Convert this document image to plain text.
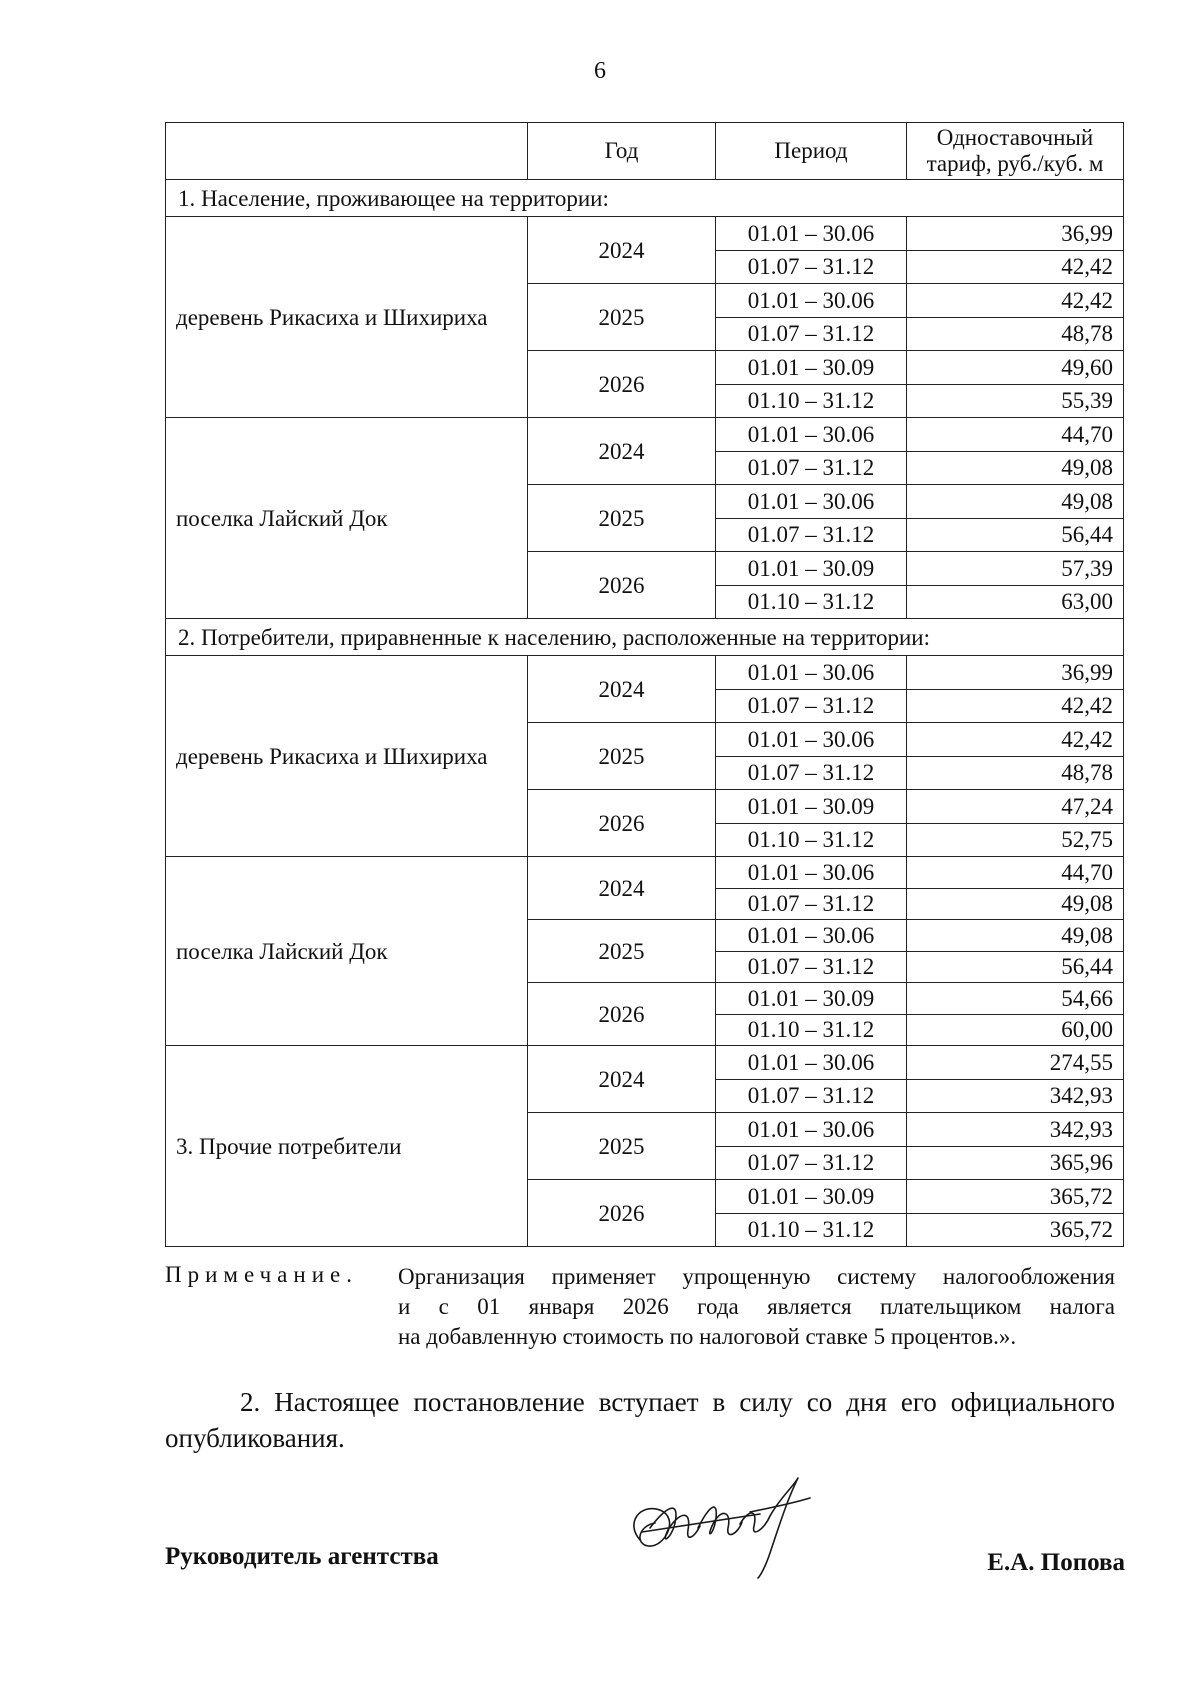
6
	Год	Период	Одноставочный тариф, руб./куб. м
1. Население, проживающее на территории:			
деревень Рикасиха и Шихириха	2024	01.01 – 30.06	36,99
		01.07 – 31.12	42,42
	2025	01.01 – 30.06	42,42
		01.07 – 31.12	48,78
	2026	01.01 – 30.09	49,60
		01.10 – 31.12	55,39
поселка Лайский Док	2024	01.01 – 30.06	44,70
		01.07 – 31.12	49,08
	2025	01.01 – 30.06	49,08
		01.07 – 31.12	56,44
	2026	01.01 – 30.09	57,39
		01.10 – 31.12	63,00
2. Потребители, приравненные к населению, расположенные на территории:			
деревень Рикасиха и Шихириха	2024	01.01 – 30.06	36,99
		01.07 – 31.12	42,42
	2025	01.01 – 30.06	42,42
		01.07 – 31.12	48,78
	2026	01.01 – 30.09	47,24
		01.10 – 31.12	52,75
поселка Лайский Док	2024	01.01 – 30.06	44,70
		01.07 – 31.12	49,08
	2025	01.01 – 30.06	49,08
		01.07 – 31.12	56,44
	2026	01.01 – 30.09	54,66
		01.10 – 31.12	60,00
3. Прочие потребители	2024	01.01 – 30.06	274,55
		01.07 – 31.12	342,93
	2025	01.01 – 30.06	342,93
		01.07 – 31.12	365,96
	2026	01.01 – 30.09	365,72
		01.10 – 31.12	365,72
Примечание. Организация применяет упрощенную систему налогообложения
и с 01 января 2026 года является плательщиком налога
на добавленную стоимость по налоговой ставке 5 процентов.».
2. Настоящее постановление вступает в силу со дня его официального
опубликования.
Руководитель агентства	Е.А. Попова
